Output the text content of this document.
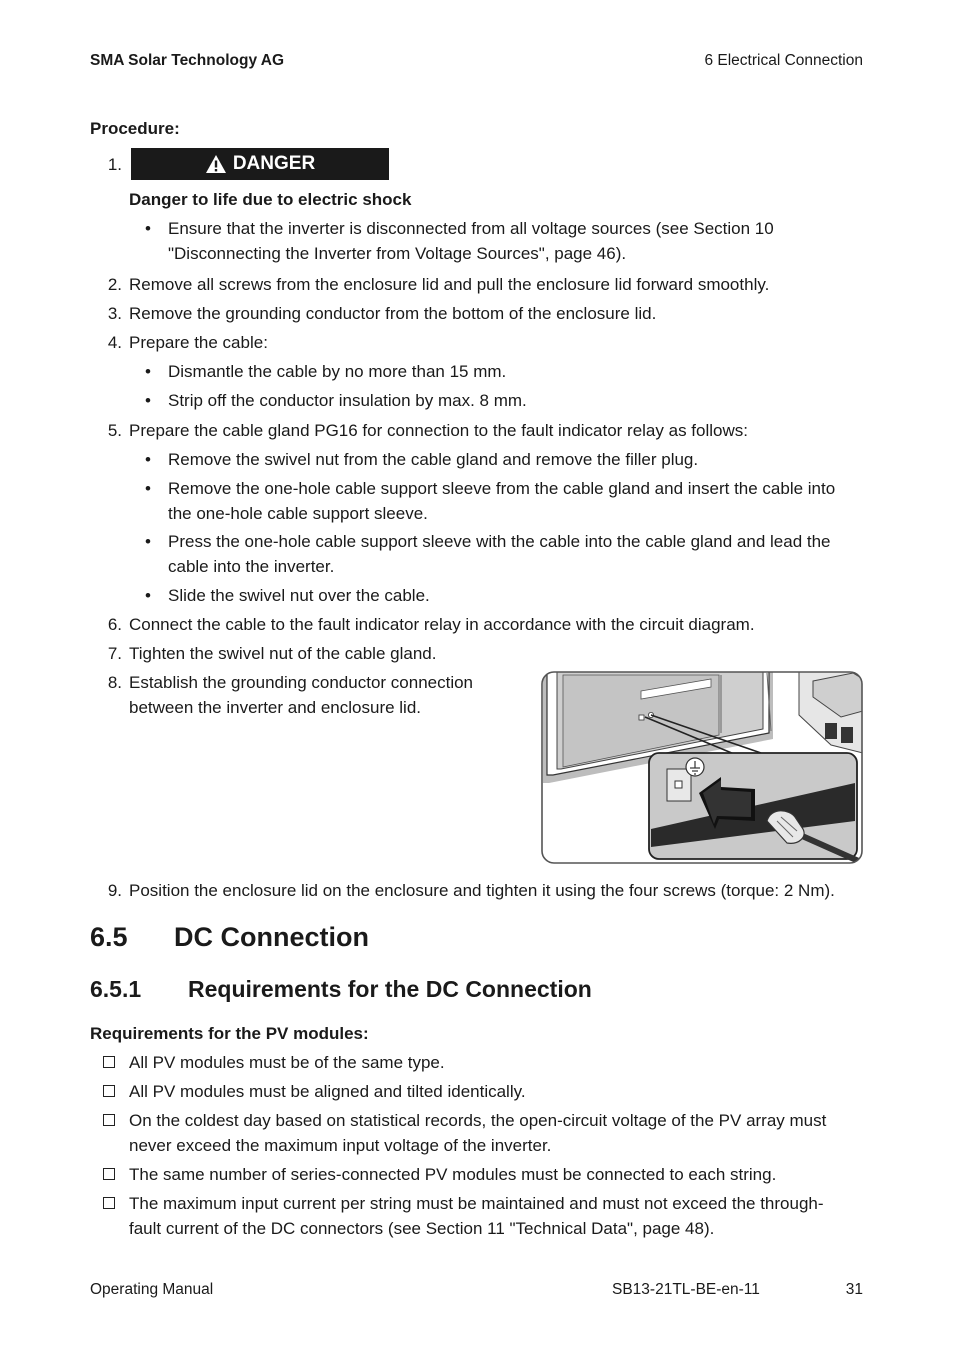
SMA Solar Technology AG	6 Electrical Connection
Procedure:
1.	DANGER
Danger to life due to electric shock
• Ensure that the inverter is disconnected from all voltage sources (see Section 10
"Disconnecting the Inverter from Voltage Sources", page 46).
2. Remove all screws from the enclosure lid and pull the enclosure lid forward smoothly.
3. Remove the grounding conductor from the bottom of the enclosure lid.
4. Prepare the cable:
• Dismantle the cable by no more than 15 mm.
• Strip off the conductor insulation by max. 8 mm.
5. Prepare the cable gland PG16 for connection to the fault indicator relay as follows:
• Remove the swivel nut from the cable gland and remove the filler plug.
• Remove the one-hole cable support sleeve from the cable gland and insert the cable into
the one-hole cable support sleeve.
• Press the one-hole cable support sleeve with the cable into the cable gland and lead the
cable into the inverter.
• Slide the swivel nut over the cable.
6. Connect the cable to the fault indicator relay in accordance with the circuit diagram.
7. Tighten the swivel nut of the cable gland.
8. Establish the grounding conductor connection
between the inverter and enclosure lid.
9. Position the enclosure lid on the enclosure and tighten it using the four screws (torque: 2 Nm).
6.5 DC Connection
6.5.1 Requirements for the DC Connection
Requirements for the PV modules:
All PV modules must be of the same type.
All PV modules must be aligned and tilted identically.
On the coldest day based on statistical records, the open-circuit voltage of the PV array must
never exceed the maximum input voltage of the inverter.
The same number of series-connected PV modules must be connected to each string.
The maximum input current per string must be maintained and must not exceed the through-
fault current of the DC connectors (see Section 11 "Technical Data", page 48).
Operating Manual	SB13-21TL-BE-en-11	31
